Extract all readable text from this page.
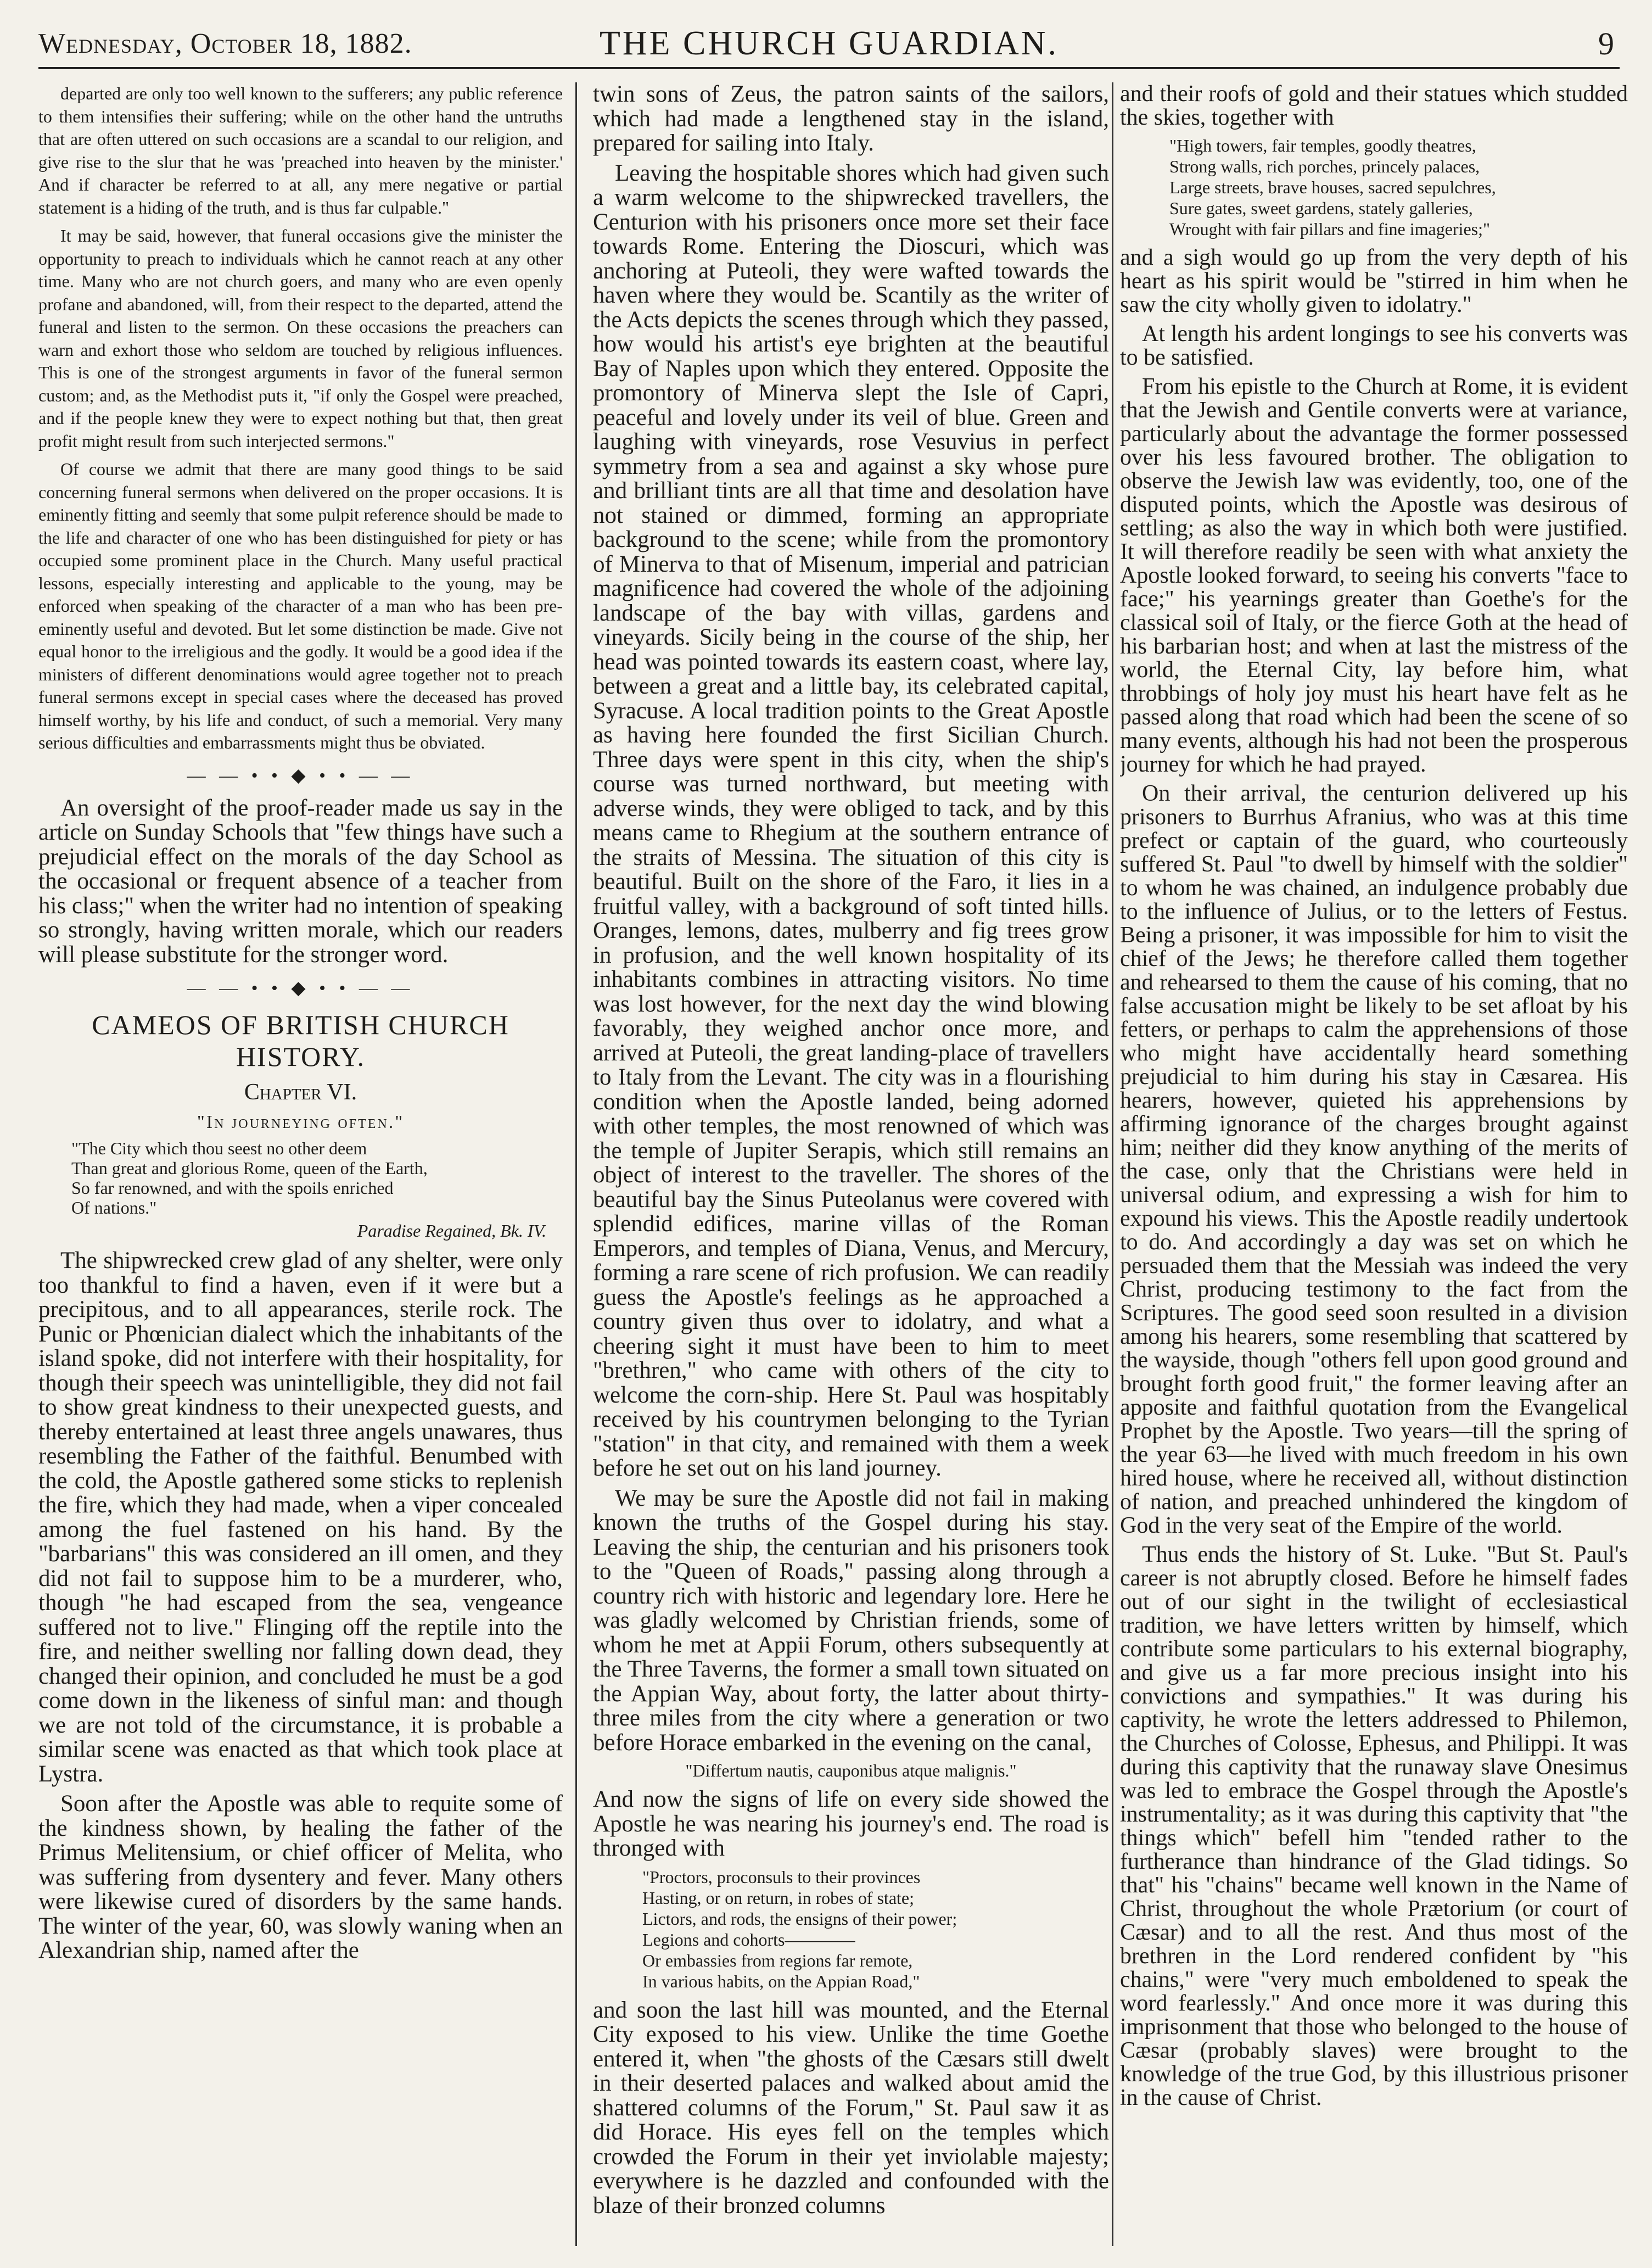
Wednesday, October 18, 1882.	THE CHURCH GUARDIAN.	9

departed are only too well known to the sufferers; any public reference to them intensifies their suffering; while on the other hand the untruths that are often uttered on such occasions are a scandal to our religion, and give rise to the slur that he was 'preached into heaven by the minister.' And if character be referred to at all, any mere negative or partial statement is a hiding of the truth, and is thus far culpable."

It may be said, however, that funeral occasions give the minister the opportunity to preach to individuals which he cannot reach at any other time. Many who are not church goers, and many who are even openly profane and abandoned, will, from their respect to the departed, attend the funeral and listen to the sermon. On these occasions the preachers can warn and exhort those who seldom are touched by religious influences. This is one of the strongest arguments in favor of the funeral sermon custom; and, as the Methodist puts it, "if only the Gospel were preached, and if the people knew they were to expect nothing but that, then great profit might result from such interjected sermons."

Of course we admit that there are many good things to be said concerning funeral sermons when delivered on the proper occasions. It is eminently fitting and seemly that some pulpit reference should be made to the life and character of one who has been distinguished for piety or has occupied some prominent place in the Church. Many useful practical lessons, especially interesting and applicable to the young, may be enforced when speaking of the character of a man who has been pre-eminently useful and devoted. But let some distinction be made. Give not equal honor to the irreligious and the godly. It would be a good idea if the ministers of different denominations would agree together not to preach funeral sermons except in special cases where the deceased has proved himself worthy, by his life and conduct, of such a memorial. Very many serious difficulties and embarrassments might thus be obviated.

— — • • ◆ • • — —

An oversight of the proof-reader made us say in the article on Sunday Schools that "few things have such a prejudicial effect on the morals of the day School as the occasional or frequent absence of a teacher from his class;" when the writer had no intention of speaking so strongly, having written morale, which our readers will please substitute for the stronger word.

— — • • ◆ • • — —
CAMEOS OF BRITISH CHURCH HISTORY.
Chapter VI.
"In journeying often."
"The City which thou seest no other deem
Than great and glorious Rome, queen of the Earth,
So far renowned, and with the spoils enriched
Of nations."
Paradise Regained, Bk. IV.

The shipwrecked crew glad of any shelter, were only too thankful to find a haven, even if it were but a precipitous, and to all appearances, sterile rock. The Punic or Phœnician dialect which the inhabitants of the island spoke, did not interfere with their hospitality, for though their speech was unintelligible, they did not fail to show great kindness to their unexpected guests, and thereby entertained at least three angels unawares, thus resembling the Father of the faithful. Benumbed with the cold, the Apostle gathered some sticks to replenish the fire, which they had made, when a viper concealed among the fuel fastened on his hand. By the "barbarians" this was considered an ill omen, and they did not fail to suppose him to be a murderer, who, though "he had escaped from the sea, vengeance suffered not to live." Flinging off the reptile into the fire, and neither swelling nor falling down dead, they changed their opinion, and concluded he must be a god come down in the likeness of sinful man: and though we are not told of the circumstance, it is probable a similar scene was enacted as that which took place at Lystra.

Soon after the Apostle was able to requite some of the kindness shown, by healing the father of the Primus Melitensium, or chief officer of Melita, who was suffering from dysentery and fever. Many others were likewise cured of disorders by the same hands. The winter of the year, 60, was slowly waning when an Alexandrian ship, named after the

twin sons of Zeus, the patron saints of the sailors, which had made a lengthened stay in the island, prepared for sailing into Italy.

Leaving the hospitable shores which had given such a warm welcome to the shipwrecked travellers, the Centurion with his prisoners once more set their face towards Rome. Entering the Dioscuri, which was anchoring at Puteoli, they were wafted towards the haven where they would be. Scantily as the writer of the Acts depicts the scenes through which they passed, how would his artist's eye brighten at the beautiful Bay of Naples upon which they entered. Opposite the promontory of Minerva slept the Isle of Capri, peaceful and lovely under its veil of blue. Green and laughing with vineyards, rose Vesuvius in perfect symmetry from a sea and against a sky whose pure and brilliant tints are all that time and desolation have not stained or dimmed, forming an appropriate background to the scene; while from the promontory of Minerva to that of Misenum, imperial and patrician magnificence had covered the whole of the adjoining landscape of the bay with villas, gardens and vineyards. Sicily being in the course of the ship, her head was pointed towards its eastern coast, where lay, between a great and a little bay, its celebrated capital, Syracuse. A local tradition points to the Great Apostle as having here founded the first Sicilian Church. Three days were spent in this city, when the ship's course was turned northward, but meeting with adverse winds, they were obliged to tack, and by this means came to Rhegium at the southern entrance of the straits of Messina. The situation of this city is beautiful. Built on the shore of the Faro, it lies in a fruitful valley, with a background of soft tinted hills. Oranges, lemons, dates, mulberry and fig trees grow in profusion, and the well known hospitality of its inhabitants combines in attracting visitors. No time was lost however, for the next day the wind blowing favorably, they weighed anchor once more, and arrived at Puteoli, the great landing-place of travellers to Italy from the Levant. The city was in a flourishing condition when the Apostle landed, being adorned with other temples, the most renowned of which was the temple of Jupiter Serapis, which still remains an object of interest to the traveller. The shores of the beautiful bay the Sinus Puteolanus were covered with splendid edifices, marine villas of the Roman Emperors, and temples of Diana, Venus, and Mercury, forming a rare scene of rich profusion. We can readily guess the Apostle's feelings as he approached a country given thus over to idolatry, and what a cheering sight it must have been to him to meet "brethren," who came with others of the city to welcome the corn-ship. Here St. Paul was hospitably received by his countrymen belonging to the Tyrian "station" in that city, and remained with them a week before he set out on his land journey.

We may be sure the Apostle did not fail in making known the truths of the Gospel during his stay. Leaving the ship, the centurian and his prisoners took to the "Queen of Roads," passing along through a country rich with historic and legendary lore. Here he was gladly welcomed by Christian friends, some of whom he met at Appii Forum, others subsequently at the Three Taverns, the former a small town situated on the Appian Way, about forty, the latter about thirty-three miles from the city where a generation or two before Horace embarked in the evening on the canal,

"Differtum nautis, cauponibus atque malignis."

And now the signs of life on every side showed the Apostle he was nearing his journey's end. The road is thronged with

"Proctors, proconsuls to their provinces
Hasting, or on return, in robes of state;
Lictors, and rods, the ensigns of their power;
Legions and cohorts————
Or embassies from regions far remote,
In various habits, on the Appian Road,"

and soon the last hill was mounted, and the Eternal City exposed to his view. Unlike the time Goethe entered it, when "the ghosts of the Cæsars still dwelt in their deserted palaces and walked about amid the shattered columns of the Forum," St. Paul saw it as did Horace. His eyes fell on the temples which crowded the Forum in their yet inviolable majesty; everywhere is he dazzled and confounded with the blaze of their bronzed columns

and their roofs of gold and their statues which studded the skies, together with

"High towers, fair temples, goodly theatres,
Strong walls, rich porches, princely palaces,
Large streets, brave houses, sacred sepulchres,
Sure gates, sweet gardens, stately galleries,
Wrought with fair pillars and fine imageries;"

and a sigh would go up from the very depth of his heart as his spirit would be "stirred in him when he saw the city wholly given to idolatry."

At length his ardent longings to see his converts was to be satisfied.

From his epistle to the Church at Rome, it is evident that the Jewish and Gentile converts were at variance, particularly about the advantage the former possessed over his less favoured brother. The obligation to observe the Jewish law was evidently, too, one of the disputed points, which the Apostle was desirous of settling; as also the way in which both were justified. It will therefore readily be seen with what anxiety the Apostle looked forward, to seeing his converts "face to face;" his yearnings greater than Goethe's for the classical soil of Italy, or the fierce Goth at the head of his barbarian host; and when at last the mistress of the world, the Eternal City, lay before him, what throbbings of holy joy must his heart have felt as he passed along that road which had been the scene of so many events, although his had not been the prosperous journey for which he had prayed.

On their arrival, the centurion delivered up his prisoners to Burrhus Afranius, who was at this time prefect or captain of the guard, who courteously suffered St. Paul "to dwell by himself with the soldier" to whom he was chained, an indulgence probably due to the influence of Julius, or to the letters of Festus. Being a prisoner, it was impossible for him to visit the chief of the Jews; he therefore called them together and rehearsed to them the cause of his coming, that no false accusation might be likely to be set afloat by his fetters, or perhaps to calm the apprehensions of those who might have accidentally heard something prejudicial to him during his stay in Cæsarea. His hearers, however, quieted his apprehensions by affirming ignorance of the charges brought against him; neither did they know anything of the merits of the case, only that the Christians were held in universal odium, and expressing a wish for him to expound his views. This the Apostle readily undertook to do. And accordingly a day was set on which he persuaded them that the Messiah was indeed the very Christ, producing testimony to the fact from the Scriptures. The good seed soon resulted in a division among his hearers, some resembling that scattered by the wayside, though "others fell upon good ground and brought forth good fruit," the former leaving after an apposite and faithful quotation from the Evangelical Prophet by the Apostle. Two years—till the spring of the year 63—he lived with much freedom in his own hired house, where he received all, without distinction of nation, and preached unhindered the kingdom of God in the very seat of the Empire of the world.

Thus ends the history of St. Luke. "But St. Paul's career is not abruptly closed. Before he himself fades out of our sight in the twilight of ecclesiastical tradition, we have letters written by himself, which contribute some particulars to his external biography, and give us a far more precious insight into his convictions and sympathies." It was during his captivity, he wrote the letters addressed to Philemon, the Churches of Colosse, Ephesus, and Philippi. It was during this captivity that the runaway slave Onesimus was led to embrace the Gospel through the Apostle's instrumentality; as it was during this captivity that "the things which" befell him "tended rather to the furtherance than hindrance of the Glad tidings. So that" his "chains" became well known in the Name of Christ, throughout the whole Prætorium (or court of Cæsar) and to all the rest. And thus most of the brethren in the Lord rendered confident by "his chains," were "very much emboldened to speak the word fearlessly." And once more it was during this imprisonment that those who belonged to the house of Cæsar (probably slaves) were brought to the knowledge of the true God, by this illustrious prisoner in the cause of Christ.
